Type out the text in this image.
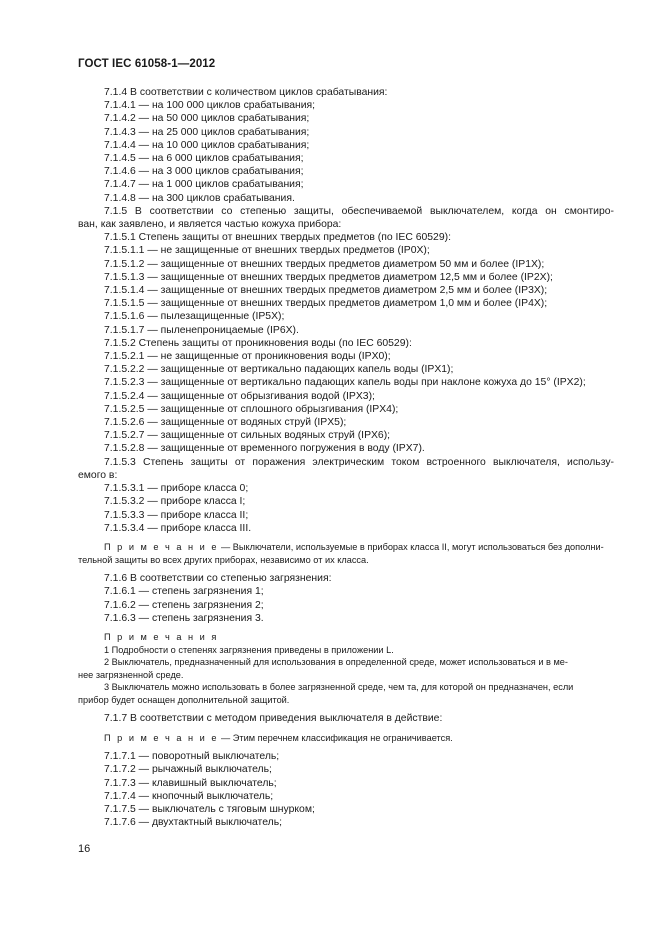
ГОСТ IEC 61058-1—2012
7.1.4 В соответствии с количеством циклов срабатывания:
7.1.4.1 — на 100 000 циклов срабатывания;
7.1.4.2 — на 50 000 циклов срабатывания;
7.1.4.3 — на 25 000 циклов срабатывания;
7.1.4.4 — на 10 000 циклов срабатывания;
7.1.4.5 — на 6 000 циклов срабатывания;
7.1.4.6 — на 3 000 циклов срабатывания;
7.1.4.7 — на 1 000 циклов срабатывания;
7.1.4.8 — на 300 циклов срабатывания.
7.1.5 В соответствии со степенью защиты, обеспечиваемой выключателем, когда он смонтиро-
ван, как заявлено, и является частью кожуха прибора:
7.1.5.1 Степень защиты от внешних твердых предметов (по IEC 60529):
7.1.5.1.1 — не защищенные от внешних твердых предметов (IP0X);
7.1.5.1.2 — защищенные от внешних твердых предметов диаметром 50 мм и более (IP1X);
7.1.5.1.3 — защищенные от внешних твердых предметов диаметром 12,5 мм и более (IP2X);
7.1.5.1.4 — защищенные от внешних твердых предметов диаметром 2,5 мм и более (IP3X);
7.1.5.1.5 — защищенные от внешних твердых предметов диаметром 1,0 мм и более (IP4X);
7.1.5.1.6 — пылезащищенные (IP5X);
7.1.5.1.7 — пыленепроницаемые (IP6X).
7.1.5.2 Степень защиты от проникновения воды (по IEC 60529):
7.1.5.2.1 — не защищенные от проникновения воды (IPX0);
7.1.5.2.2 — защищенные от вертикально падающих капель воды (IPX1);
7.1.5.2.3 — защищенные от вертикально падающих капель воды при наклоне кожуха до 15° (IPX2);
7.1.5.2.4 — защищенные от обрызгивания водой (IPX3);
7.1.5.2.5 — защищенные от сплошного обрызгивания (IPX4);
7.1.5.2.6 — защищенные от водяных струй (IPX5);
7.1.5.2.7 — защищенные от сильных водяных струй (IPX6);
7.1.5.2.8 — защищенные от временного погружения в воду (IPX7).
7.1.5.3 Степень защиты от поражения электрическим током встроенного выключателя, использу-
емого в:
7.1.5.3.1 — приборе класса 0;
7.1.5.3.2 — приборе класса I;
7.1.5.3.3 — приборе класса II;
7.1.5.3.4 — приборе класса III.
П р и м е ч а н и е — Выключатели, используемые в приборах класса II, могут использоваться без дополни-
тельной защиты во всех других приборах, независимо от их класса.
7.1.6 В соответствии со степенью загрязнения:
7.1.6.1 — степень загрязнения 1;
7.1.6.2 — степень загрязнения 2;
7.1.6.3 — степень загрязнения 3.
П р и м е ч а н и я
1 Подробности о степенях загрязнения приведены в приложении L.
2 Выключатель, предназначенный для использования в определенной среде, может использоваться и в ме-
нее загрязненной среде.
3 Выключатель можно использовать в более загрязненной среде, чем та, для которой он предназначен, если
прибор будет оснащен дополнительной защитой.
7.1.7 В соответствии с методом приведения выключателя в действие:
П р и м е ч а н и е — Этим перечнем классификация не ограничивается.
7.1.7.1 — поворотный выключатель;
7.1.7.2 — рычажный выключатель;
7.1.7.3 — клавишный выключатель;
7.1.7.4 — кнопочный выключатель;
7.1.7.5 — выключатель с тяговым шнурком;
7.1.7.6 — двухтактный выключатель;
16
